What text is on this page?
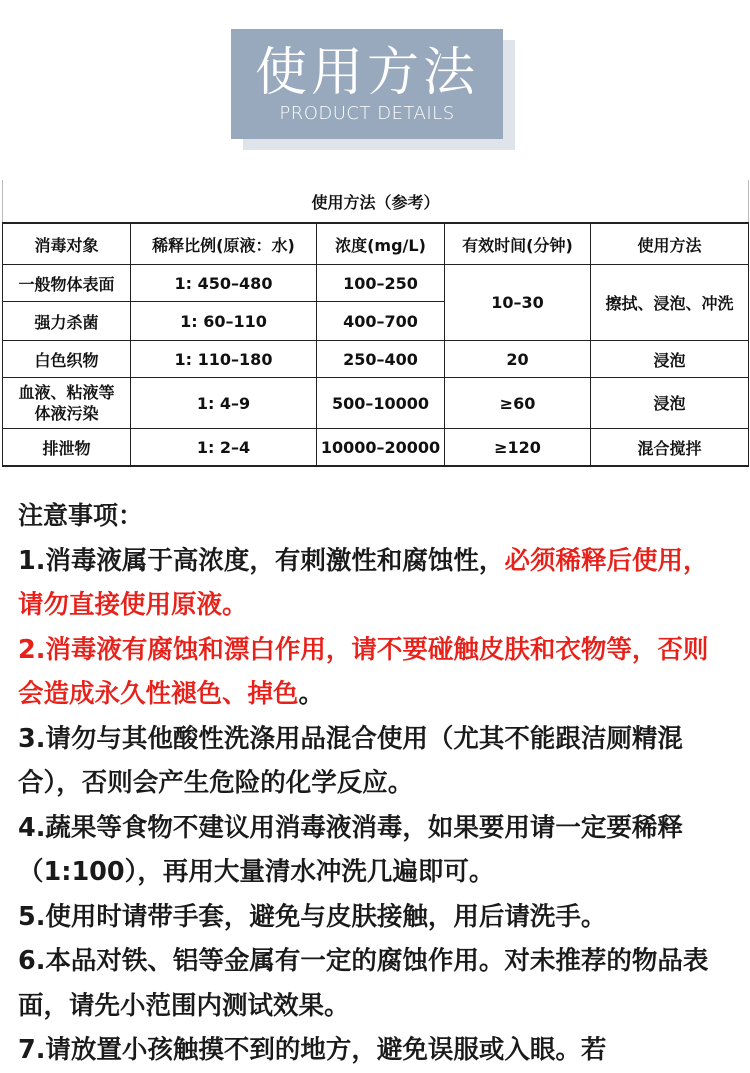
使用方法
PRODUCT DETAILS
使用方法（参考）				
消毒对象	稀释比例(原液：水)	浓度(mg/L)	有效时间(分钟)	使用方法
一般物体表面	1: 450–480	100–250	10–30	擦拭、浸泡、冲洗
强力杀菌	1: 60–110	400–700		
白色织物	1: 110–180	250–400	20	浸泡
血液、粘液等
体液污染	1: 4–9	500–10000	≥60	浸泡
排泄物	1: 2–4	10000–20000	≥120	混合搅拌

注意事项：

1.消毒液属于高浓度，有刺激性和腐蚀性，必须稀释后使用，请勿直接使用原液。

2.消毒液有腐蚀和漂白作用，请不要碰触皮肤和衣物等，否则会造成永久性褪色、掉色。

3.请勿与其他酸性洗涤用品混合使用（尤其不能跟洁厕精混合），否则会产生危险的化学反应。

4.蔬果等食物不建议用消毒液消毒，如果要用请一定要稀释（1:100），再用大量清水冲洗几遍即可。

5.使用时请带手套，避免与皮肤接触，用后请洗手。

6.本品对铁、铝等金属有一定的腐蚀作用。对未推荐的物品表面，请先小范围内测试效果。

7.请放置小孩触摸不到的地方，避免误服或入眼。若
